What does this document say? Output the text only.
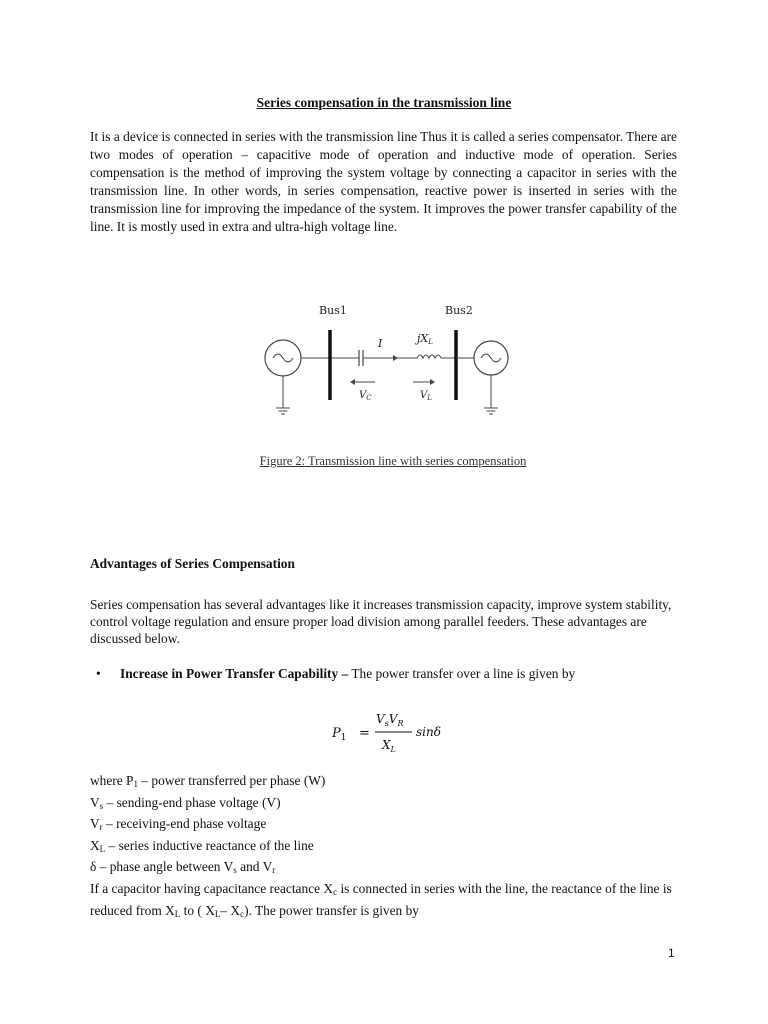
Series compensation in the transmission line
It is a device is connected in series with the transmission line Thus it is called a series compensator. There are two modes of operation – capacitive mode of operation and inductive mode of operation. Series compensation is the method of improving the system voltage by connecting a capacitor in series with the transmission line. In other words, in series compensation, reactive power is inserted in series with the transmission line for improving the impedance of the system. It improves the power transfer capability of the line. It is mostly used in extra and ultra-high voltage line.
Bus1
I	jXL
$V_C$	$V_L$
Bus2
Figure 2: Transmission line with series compensation
Advantages of Series Compensation
Series compensation has several advantages like it increases transmission capacity, improve system stability, control voltage regulation and ensure proper load division among parallel feeders. These advantages are discussed below.
• Increase in Power Transfer Capability – The power transfer over a line is given by
$P_1$ =
$V_sV_R$
$X_L$
sinδ
where $P_1$ – power transferred per phase (W)
$V_s$ – sending-end phase voltage (V)
$V_r$ – receiving-end phase voltage
$X_L$ – series inductive reactance of the line
δ – phase angle between $V_s$ and $V_r$
If a capacitor having capacitance reactance $X_c$ is connected in series with the line, the reactance of the line is reduced from $X_L$ to ( $X_L-$ $X_c$). The power transfer is given by
1
